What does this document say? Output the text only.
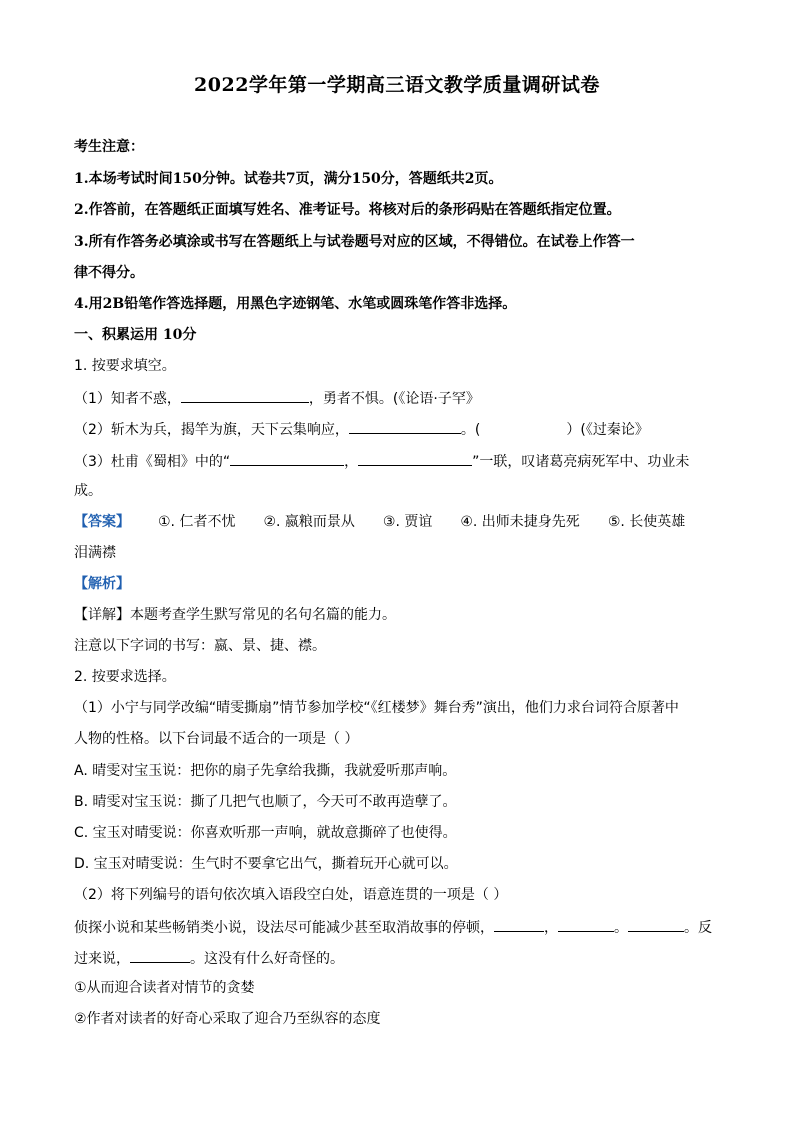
2022学年第一学期高三语文教学质量调研试卷
考生注意：
1.本场考试时间150分钟。试卷共7页，满分150分，答题纸共2页。
2.作答前，在答题纸正面填写姓名、准考证号。将核对后的条形码贴在答题纸指定位置。
3.所有作答务必填涂或书写在答题纸上与试卷题号对应的区域，不得错位。在试卷上作答一
律不得分。
4.用2B铅笔作答选择题，用黑色字迹钢笔、水笔或圆珠笔作答非选择。
一、积累运用 10分
1. 按要求填空。
（1）知者不惑，	，勇者不惧。(《论语·子罕》
（2）斩木为兵，揭竿为旗，天下云集响应，	。(	）(《过秦论》
（3）杜甫《蜀相》中的“	，	”一联，叹诸葛亮病死军中、功业未
成。
【答案】 ①. 仁者不忧 ②. 嬴粮而景从 ③. 贾谊 ④. 出师未捷身先死 ⑤. 长使英雄
泪满襟
【解析】
【详解】本题考查学生默写常见的名句名篇的能力。
注意以下字词的书写：嬴、景、捷、襟。
2. 按要求选择。
（1）小宁与同学改编“晴雯撕扇”情节参加学校“《红楼梦》舞台秀”演出，他们力求台词符合原著中
人物的性格。以下台词最不适合的一项是（ ）
A. 晴雯对宝玉说：把你的扇子先拿给我撕，我就爱听那声响。
B. 晴雯对宝玉说：撕了几把气也顺了，今天可不敢再造孽了。
C. 宝玉对晴雯说：你喜欢听那一声响，就故意撕碎了也使得。
D. 宝玉对晴雯说：生气时不要拿它出气，撕着玩开心就可以。
（2）将下列编号的语句依次填入语段空白处，语意连贯的一项是（ ）
侦探小说和某些畅销类小说，设法尽可能减少甚至取消故事的停顿，	，	。	。反
过来说，	。这没有什么好奇怪的。
①从而迎合读者对情节的贪婪
②作者对读者的好奇心采取了迎合乃至纵容的态度
